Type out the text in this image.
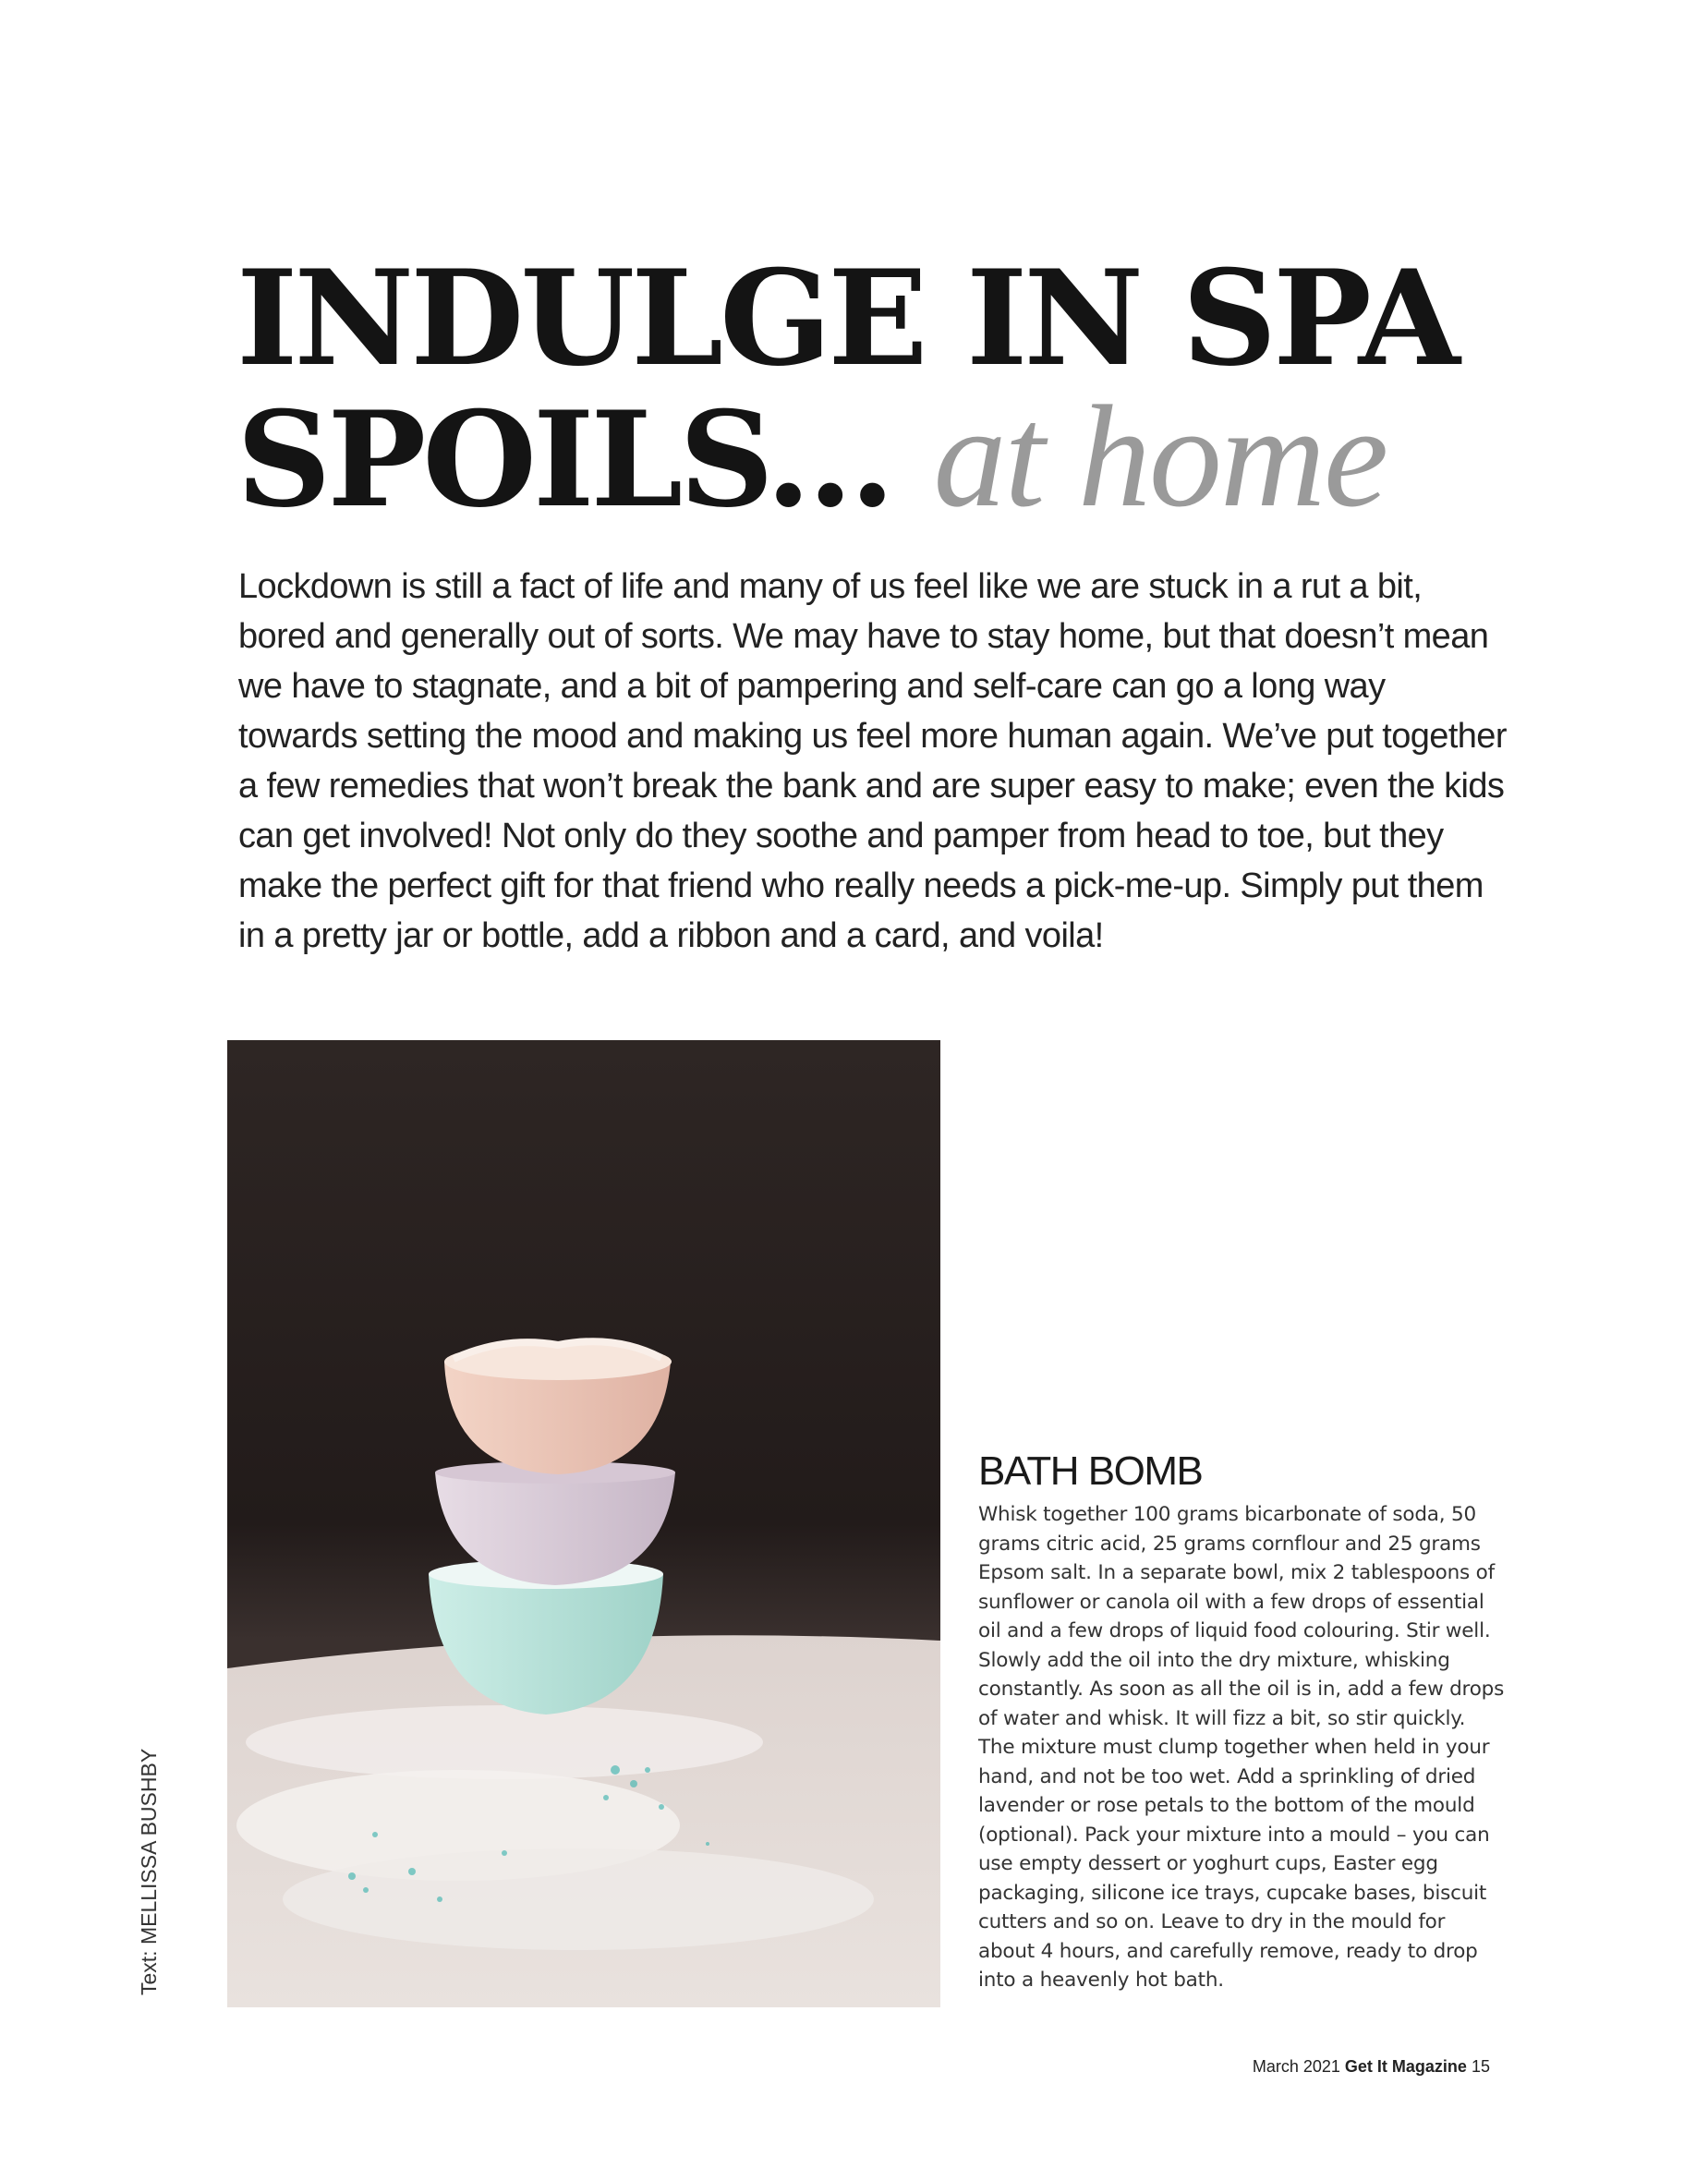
INDULGE IN SPA
SPOILS... at home

Lockdown is still a fact of life and many of us feel like we are stuck in a rut a bit, bored and generally out of sorts. We may have to stay home, but that doesn’t mean we have to stagnate, and a bit of pampering and self-care can go a long way towards setting the mood and making us feel more human again. We’ve put together a few remedies that won’t break the bank and are super easy to make; even the kids can get involved! Not only do they soothe and pamper from head to toe, but they make the perfect gift for that friend who really needs a pick-me-up. Simply put them in a pretty jar or bottle, add a ribbon and a card, and voila!

Text: MELLISSA BUSHBY
BATH BOMB

Whisk together 100 grams bicarbonate of soda, 50 grams citric acid, 25 grams cornflour and 25 grams Epsom salt. In a separate bowl, mix 2 tablespoons of sunflower or canola oil with a few drops of essential oil and a few drops of liquid food colouring. Stir well. Slowly add the oil into the dry mixture, whisking constantly. As soon as all the oil is in, add a few drops of water and whisk. It will fizz a bit, so stir quickly. The mixture must clump together when held in your hand, and not be too wet. Add a sprinkling of dried lavender or rose petals to the bottom of the mould (optional). Pack your mixture into a mould – you can use empty dessert or yoghurt cups, Easter egg packaging, silicone ice trays, cupcake bases, biscuit cutters and so on. Leave to dry in the mould for about 4 hours, and carefully remove, ready to drop into a heavenly hot bath.

March 2021 Get It Magazine 15
